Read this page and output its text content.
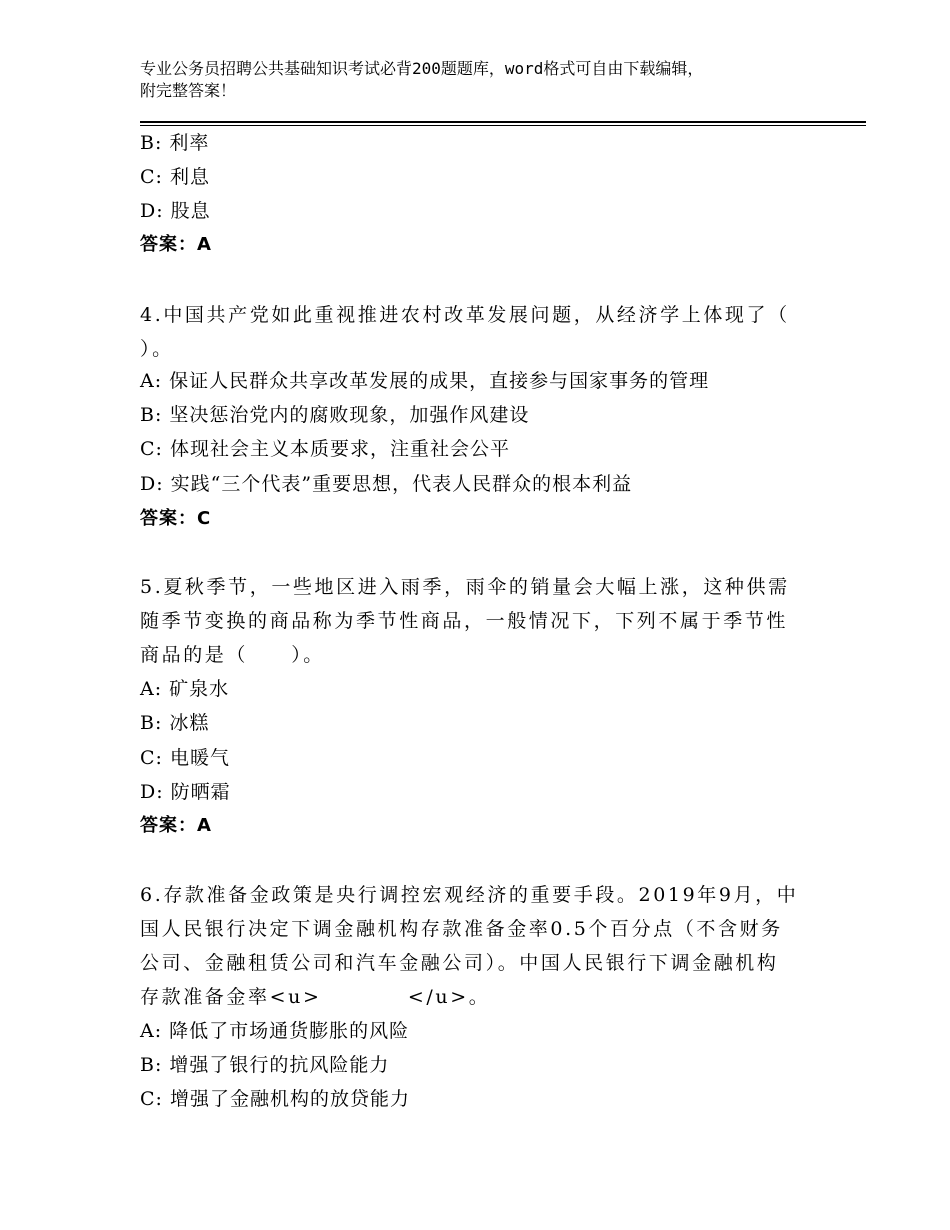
专业公务员招聘公共基础知识考试必背200题题库，word格式可自由下载编辑，
附完整答案！
B: 利率
C: 利息
D: 股息
答案：A
4.中国共产党如此重视推进农村改革发展问题，从经济学上体现了（
）。
A: 保证人民群众共享改革发展的成果，直接参与国家事务的管理
B: 坚决惩治党内的腐败现象，加强作风建设
C: 体现社会主义本质要求，注重社会公平
D: 实践“三个代表”重要思想，代表人民群众的根本利益
答案：C
5.夏秋季节，一些地区进入雨季，雨伞的销量会大幅上涨，这种供需
随季节变换的商品称为季节性商品，一般情况下，下列不属于季节性
商品的是（　　）。
A: 矿泉水
B: 冰糕
C: 电暖气
D: 防晒霜
答案：A
6.存款准备金政策是央行调控宏观经济的重要手段。2019年9月，中
国人民银行决定下调金融机构存款准备金率0.5个百分点（不含财务
公司、金融租赁公司和汽车金融公司）。中国人民银行下调金融机构
存款准备金率<u>　　　　</u>。
A: 降低了市场通货膨胀的风险
B: 增强了银行的抗风险能力
C: 增强了金融机构的放贷能力
